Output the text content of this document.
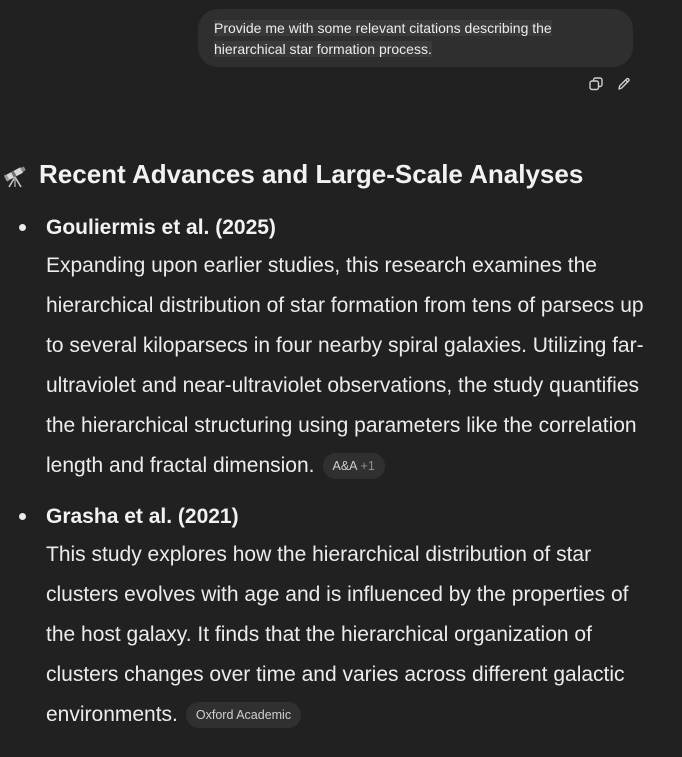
Provide me with some relevant citations describing the hierarchical star formation process.
Recent Advances and Large-Scale Analyses
Gouliermis et al. (2025)
Expanding upon earlier studies, this research examines the
hierarchical distribution of star formation from tens of parsecs up
to several kiloparsecs in four nearby spiral galaxies. Utilizing far-
ultraviolet and near-ultraviolet observations, the study quantifies
the hierarchical structuring using parameters like the correlation
length and fractal dimension. A&A +1
Grasha et al. (2021)
This study explores how the hierarchical distribution of star
clusters evolves with age and is influenced by the properties of
the host galaxy. It finds that the hierarchical organization of
clusters changes over time and varies across different galactic
environments. Oxford Academic
